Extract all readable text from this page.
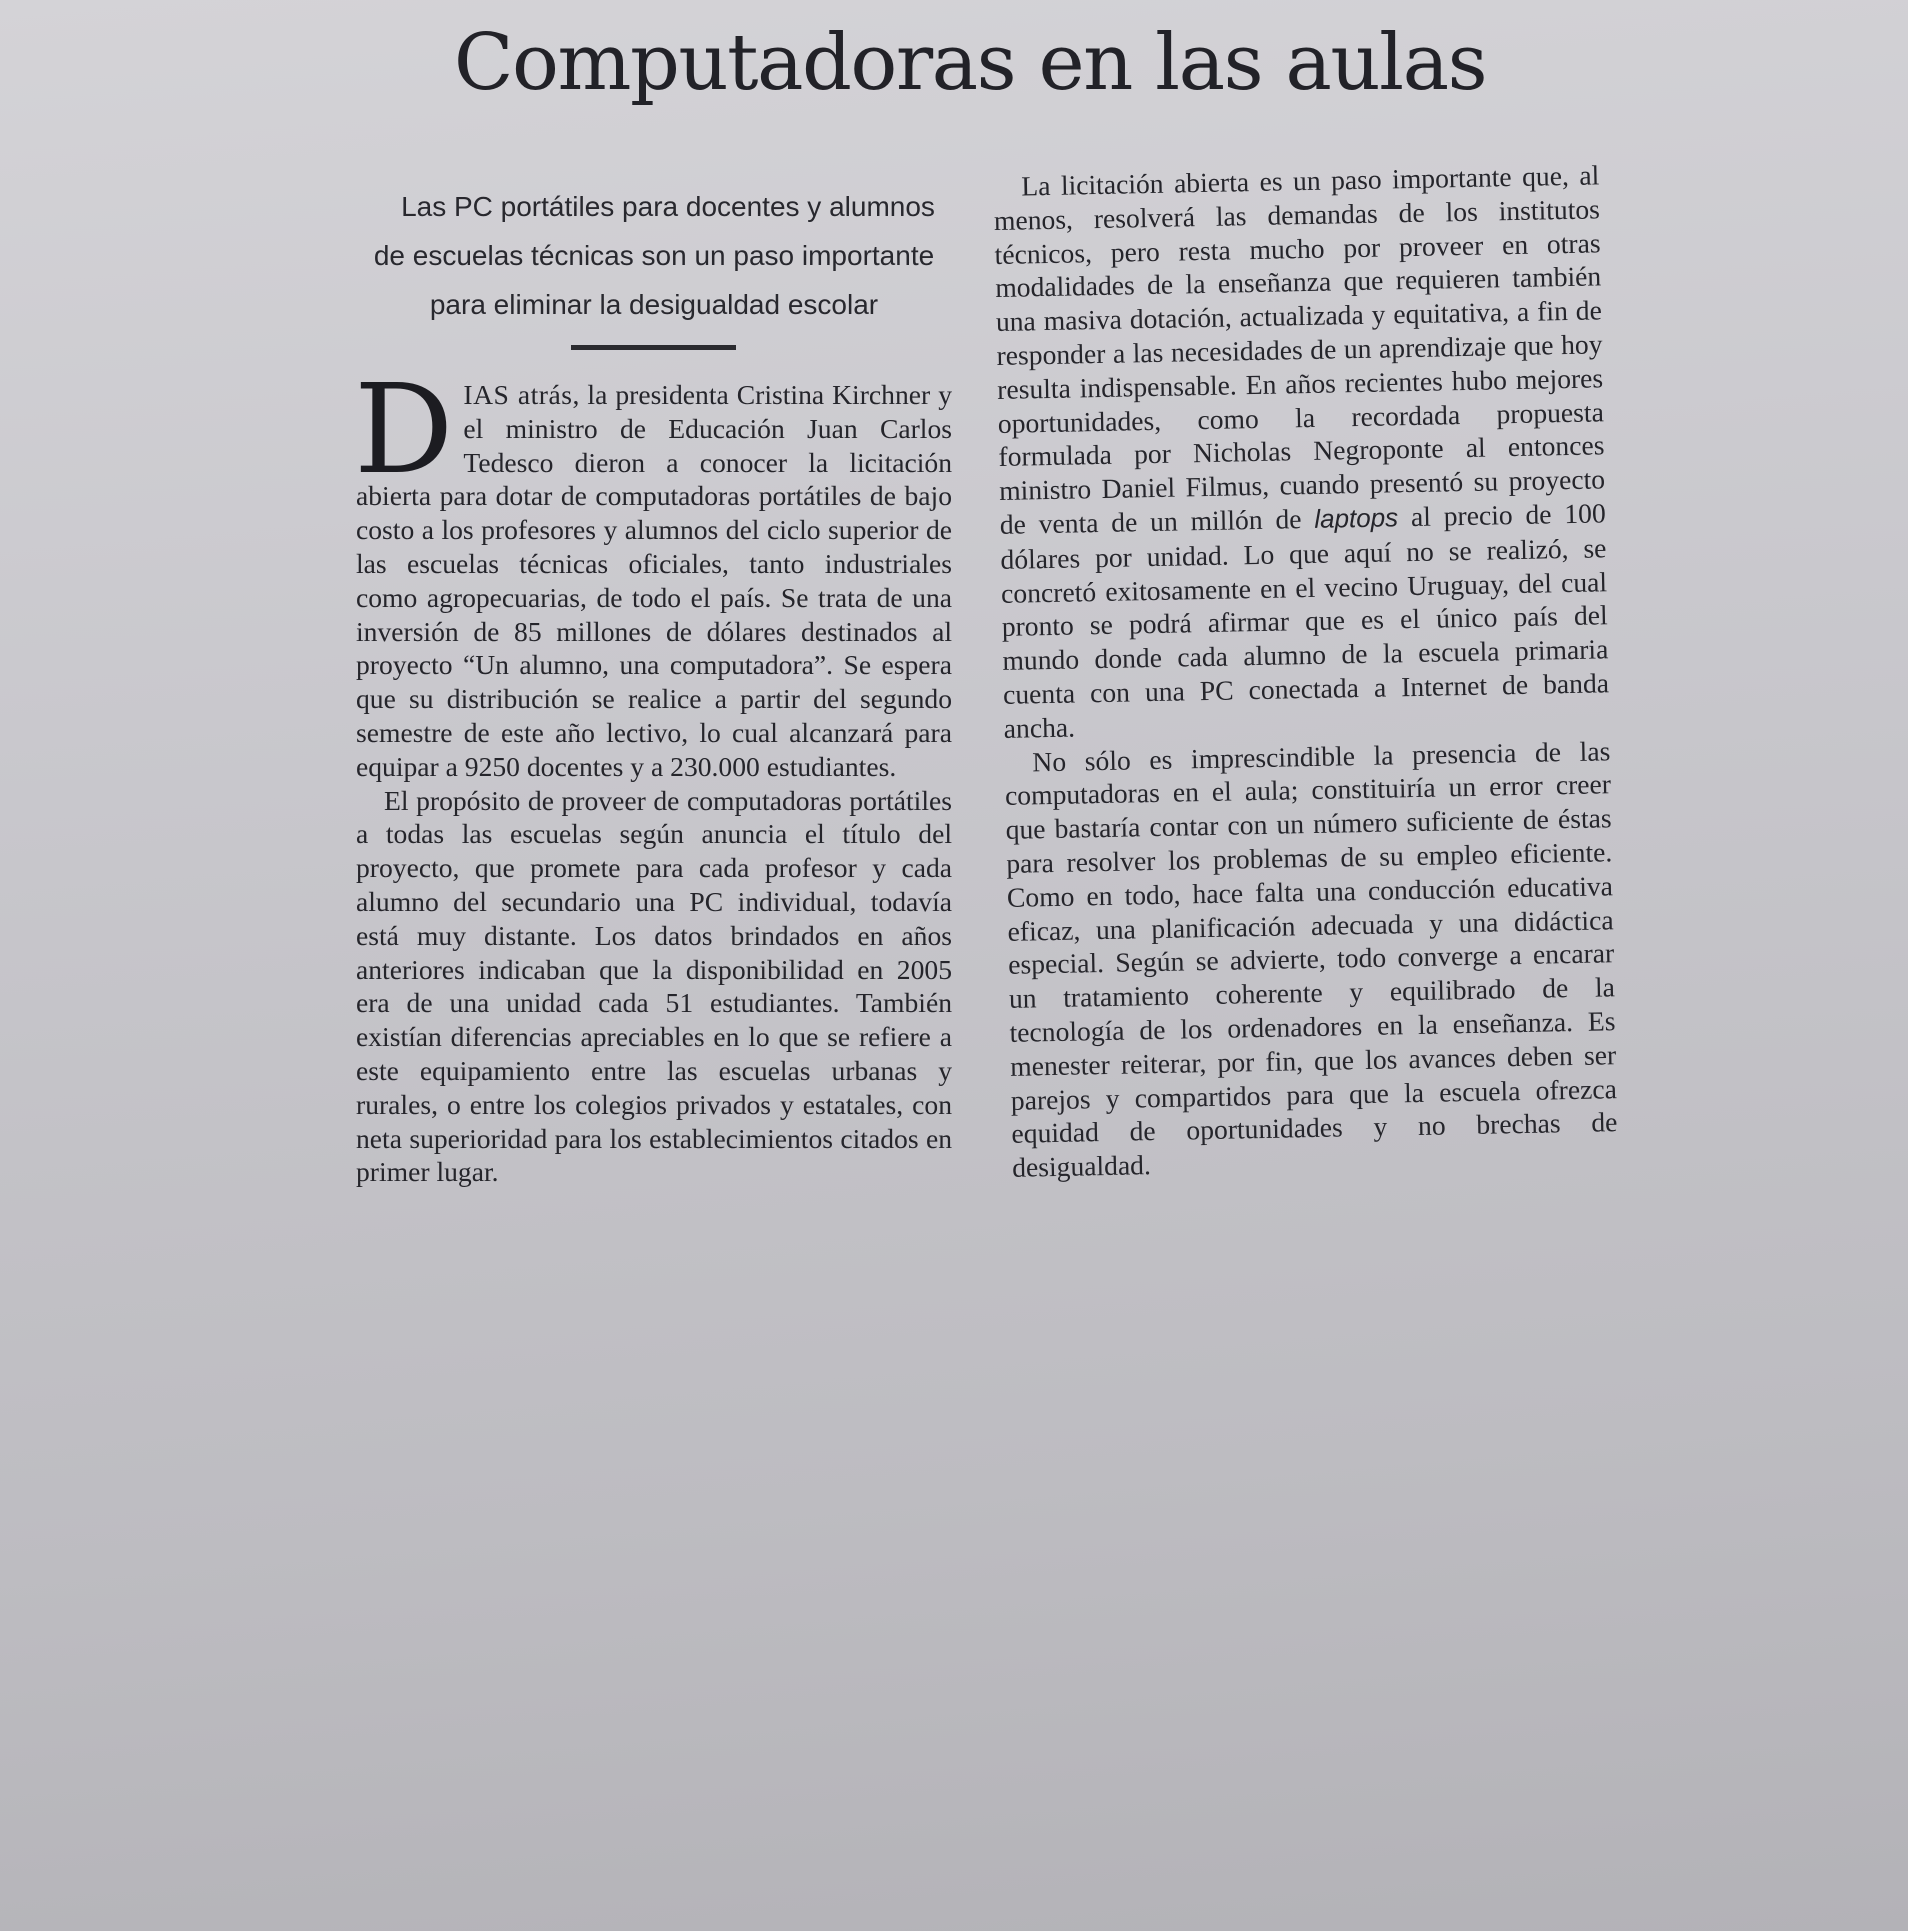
Computadoras en las aulas

Las PC portátiles para docentes y alumnos de escuelas técnicas son un paso importante para eliminar la desigualdad escolar

DIAS atrás, la presidenta Cristina Kirchner y el ministro de Educación Juan Carlos Tedesco dieron a conocer la licitación abierta para dotar de computadoras portátiles de bajo costo a los profesores y alumnos del ciclo superior de las escuelas técnicas oficiales, tanto industriales como agropecuarias, de todo el país. Se trata de una inversión de 85 millones de dólares destinados al proyecto “Un alumno, una computadora”. Se espera que su distribución se realice a partir del segundo semestre de este año lectivo, lo cual alcanzará para equipar a 9250 docentes y a 230.000 estudiantes.

El propósito de proveer de computadoras portátiles a todas las escuelas según anuncia el título del proyecto, que promete para cada profesor y cada alumno del secundario una PC individual, todavía está muy distante. Los datos brindados en años anteriores indicaban que la disponibilidad en 2005 era de una unidad cada 51 estudiantes. También existían diferencias apreciables en lo que se refiere a este equipamiento entre las escuelas urbanas y rurales, o entre los colegios privados y estatales, con neta superioridad para los establecimientos citados en primer lugar.

La licitación abierta es un paso importante que, al menos, resolverá las demandas de los institutos técnicos, pero resta mucho por proveer en otras modalidades de la enseñanza que requieren también una masiva dotación, actualizada y equitativa, a fin de responder a las necesidades de un aprendizaje que hoy resulta indispensable. En años recientes hubo mejores oportunidades, como la recordada propuesta formulada por Nicholas Negroponte al entonces ministro Daniel Filmus, cuando presentó su proyecto de venta de un millón de laptops al precio de 100 dólares por unidad. Lo que aquí no se realizó, se concretó exitosamente en el vecino Uruguay, del cual pronto se podrá afirmar que es el único país del mundo donde cada alumno de la escuela primaria cuenta con una PC conectada a Internet de banda ancha.

No sólo es imprescindible la presencia de las computadoras en el aula; constituiría un error creer que bastaría contar con un número suficiente de éstas para resolver los problemas de su empleo eficiente. Como en todo, hace falta una conducción educativa eficaz, una planificación adecuada y una didáctica especial. Según se advierte, todo converge a encarar un tratamiento coherente y equilibrado de la tecnología de los ordenadores en la enseñanza. Es menester reiterar, por fin, que los avances deben ser parejos y compartidos para que la escuela ofrezca equidad de oportunidades y no brechas de desigualdad.
